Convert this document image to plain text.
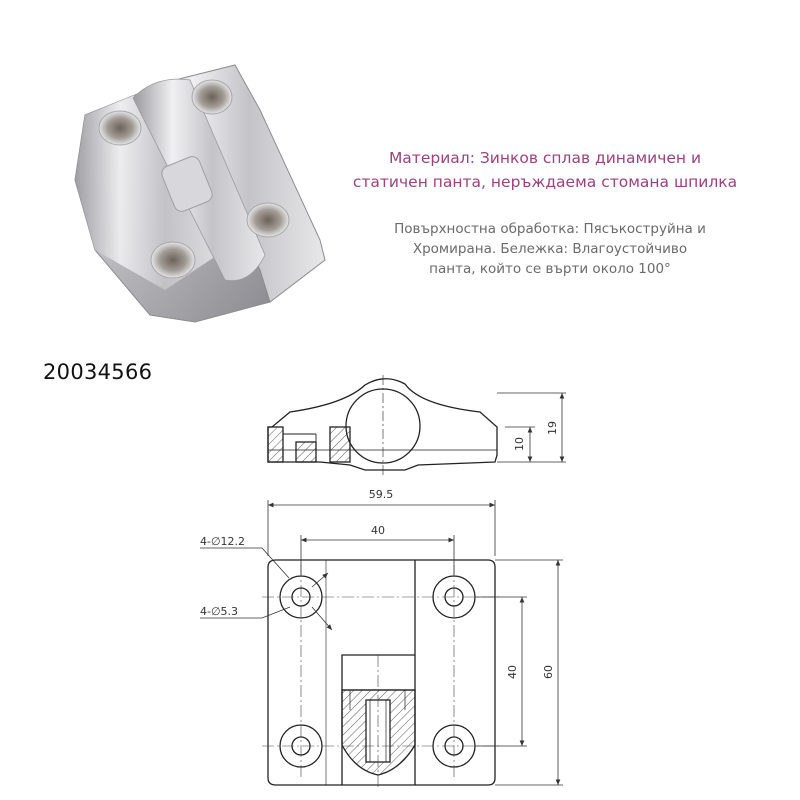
Материал: Зинков сплав динамичен и
статичен панта, неръждаема стомана шпилка
Повърхностна обработка: Пясъкоструйна и
Хромирана. Бележка: Влагоустойчиво
панта, който се върти около 100°
20034566
19
10
59.5
40
40 60
4-∅12.2
4-∅5.3
